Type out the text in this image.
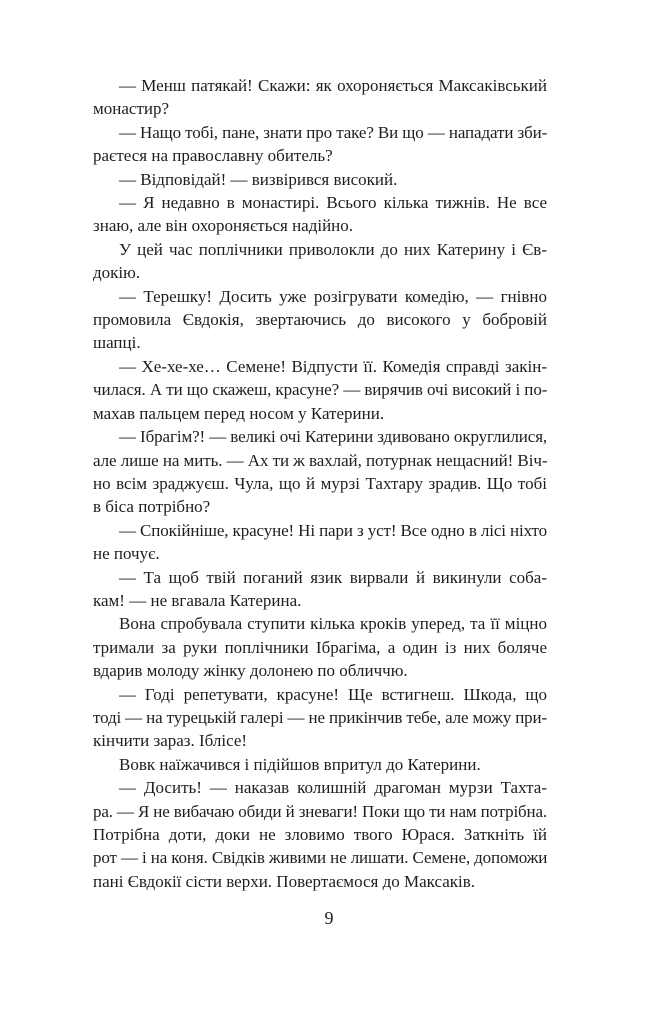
— Менш патякай! Скажи: як охороняється Максаківський
монастир?
— Нащо тобі, пане, знати про таке? Ви що — нападати зби-
раєтеся на православну обитель?
— Відповідай! — визвірився високий.
— Я недавно в монастирі. Всього кілька тижнів. Не все
знаю, але він охороняється надійно.
У цей час поплічники приволокли до них Катерину і Єв-
докію.
— Терешку! Досить уже розігрувати комедію, — гнівно
промовила Євдокія, звертаючись до високого у бобровій
шапці.
— Хе-хе-хе… Семене! Відпусти її. Комедія справді закін-
чилася. А ти що скажеш, красуне? — вирячив очі високий і по-
махав пальцем перед носом у Катерини.
— Ібрагім?! — великі очі Катерини здивовано округлилися,
але лише на мить. — Ах ти ж вахлай, потурнак нещасний! Віч-
но всім зраджуєш. Чула, що й мурзі Тахтару зрадив. Що тобі
в біса потрібно?
— Спокійніше, красуне! Ні пари з уст! Все одно в лісі ніхто
не почує.
— Та щоб твій поганий язик вирвали й викинули соба-
кам! — не вгавала Катерина.
Вона спробувала ступити кілька кроків уперед, та її міцно
тримали за руки поплічники Ібрагіма, а один із них боляче
вдарив молоду жінку долонею по обличчю.
— Годі репетувати, красуне! Ще встигнеш. Шкода, що
тоді — на турецькій галері — не прикінчив тебе, але можу при-
кінчити зараз. Іблісе!
Вовк наїжачився і підійшов впритул до Катерини.
— Досить! — наказав колишній драгоман мурзи Тахта-
ра. — Я не вибачаю обиди й зневаги! Поки що ти нам потрібна.
Потрібна доти, доки не зловимо твого Юрася. Заткніть їй
рот — і на коня. Свідків живими не лишати. Семене, допоможи
пані Євдокії сісти верхи. Повертаємося до Максаків.
9
